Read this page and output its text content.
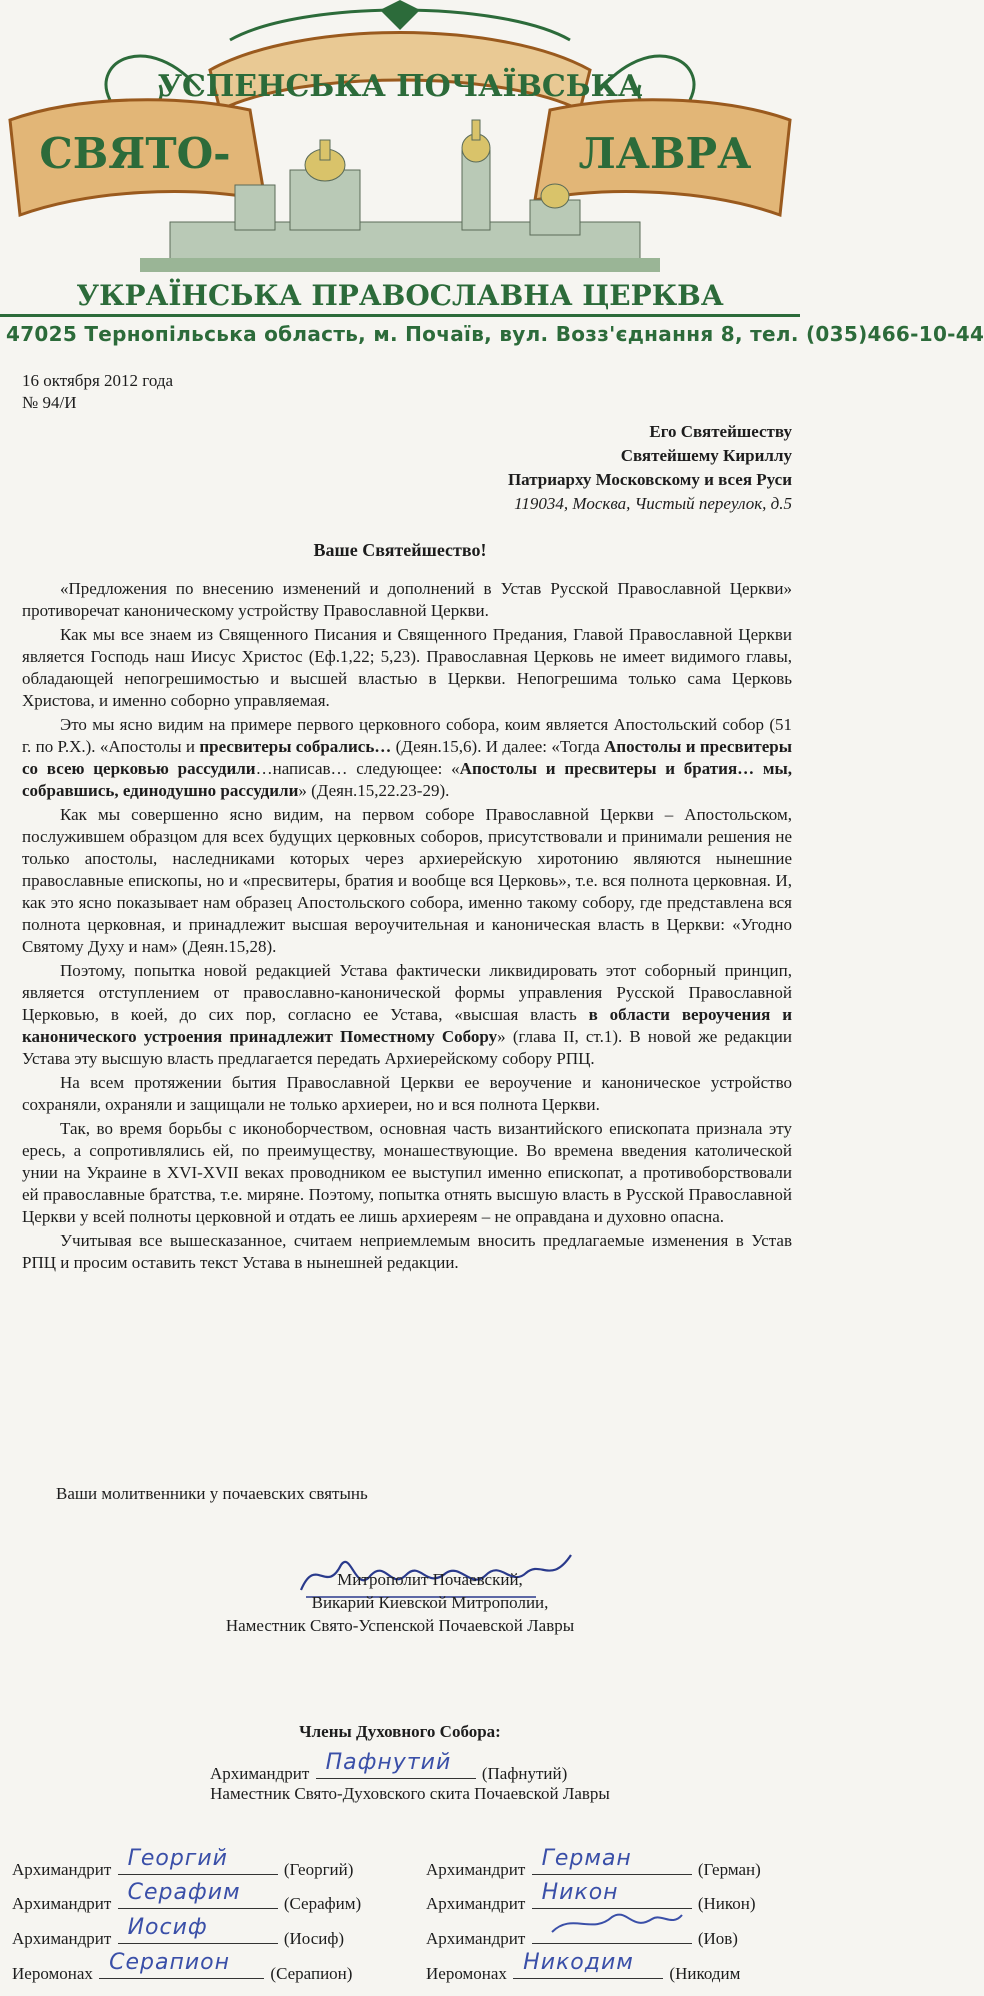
УСПЕНСЬКА ПОЧАЇВСЬКА
СВЯТО-	ЛАВРА
УКРАЇНСЬКА ПРАВОСЛАВНА ЦЕРКВА
47025 Тернопільська область, м. Почаїв, вул. Возз'єднання 8, тел. (035)466-10-44
16 октября 2012 года
№ 94/И
Его Святейшеству
Святейшему Кириллу
Патриарху Московскому и всея Руси
119034, Москва, Чистый переулок, д.5
Ваше Святейшество!

«Предложения по внесению изменений и дополнений в Устав Русской Православной Церкви» противоречат каноническому устройству Православной Церкви.

Как мы все знаем из Священного Писания и Священного Предания, Главой Православной Церкви является Господь наш Иисус Христос (Еф.1,22; 5,23). Православная Церковь не имеет видимого главы, обладающей непогрешимостью и высшей властью в Церкви. Непогрешима только сама Церковь Христова, и именно соборно управляемая.

Это мы ясно видим на примере первого церковного собора, коим является Апостольский собор (51 г. по Р.Х.). «Апостолы и пресвитеры собрались… (Деян.15,6). И далее: «Тогда Апостолы и пресвитеры со всею церковью рассудили…написав… следующее: «Апостолы и пресвитеры и братия… мы, собравшись, единодушно рассудили» (Деян.15,22.23-29).

Как мы совершенно ясно видим, на первом соборе Православной Церкви – Апостольском, послужившем образцом для всех будущих церковных соборов, присутствовали и принимали решения не только апостолы, наследниками которых через архиерейскую хиротонию являются нынешние православные епископы, но и «пресвитеры, братия и вообще вся Церковь», т.е. вся полнота церковная. И, как это ясно показывает нам образец Апостольского собора, именно такому собору, где представлена вся полнота церковная, и принадлежит высшая вероучительная и каноническая власть в Церкви: «Угодно Святому Духу и нам» (Деян.15,28).

Поэтому, попытка новой редакцией Устава фактически ликвидировать этот соборный принцип, является отступлением от православно-канонической формы управления Русской Православной Церковью, в коей, до сих пор, согласно ее Устава, «высшая власть в области вероучения и канонического устроения принадлежит Поместному Собору» (глава II, ст.1). В новой же редакции Устава эту высшую власть предлагается передать Архиерейскому собору РПЦ.

На всем протяжении бытия Православной Церкви ее вероучение и каноническое устройство сохраняли, охраняли и защищали не только архиереи, но и вся полнота Церкви.

Так, во время борьбы с иконоборчеством, основная часть византийского епископата признала эту ересь, а сопротивлялись ей, по преимуществу, монашествующие. Во времена введения католической унии на Украине в XVI-XVII веках проводником ее выступил именно епископат, а противоборствовали ей православные братства, т.е. миряне. Поэтому, попытка отнять высшую власть в Русской Православной Церкви у всей полноты церковной и отдать ее лишь архиереям – не оправдана и духовно опасна.

Учитывая все вышесказанное, считаем неприемлемым вносить предлагаемые изменения в Устав РПЦ и просим оставить текст Устава в нынешней редакции.

Ваши молитвенники у почаевских святынь
Митрополит Почаевский,
Викарий Киевской Митрополии,
Наместник Свято-Успенской Почаевской Лавры
Члены Духовного Собора:
Архимандрит Пафнутий (Пафнутий)
Наместник Свято-Духовского скита Почаевской Лавры
Архимандрит Георгий	(Георгий)
Архимандрит Серафим	(Серафим)
Архимандрит Иосиф	(Иосиф)
Иеромонах Серапион (Серапион)
Архимандрит Герман	(Герман)
Архимандрит Никон	(Никон)
Архимандрит	(Иов)
Иеромонах Никодим (Никодим
